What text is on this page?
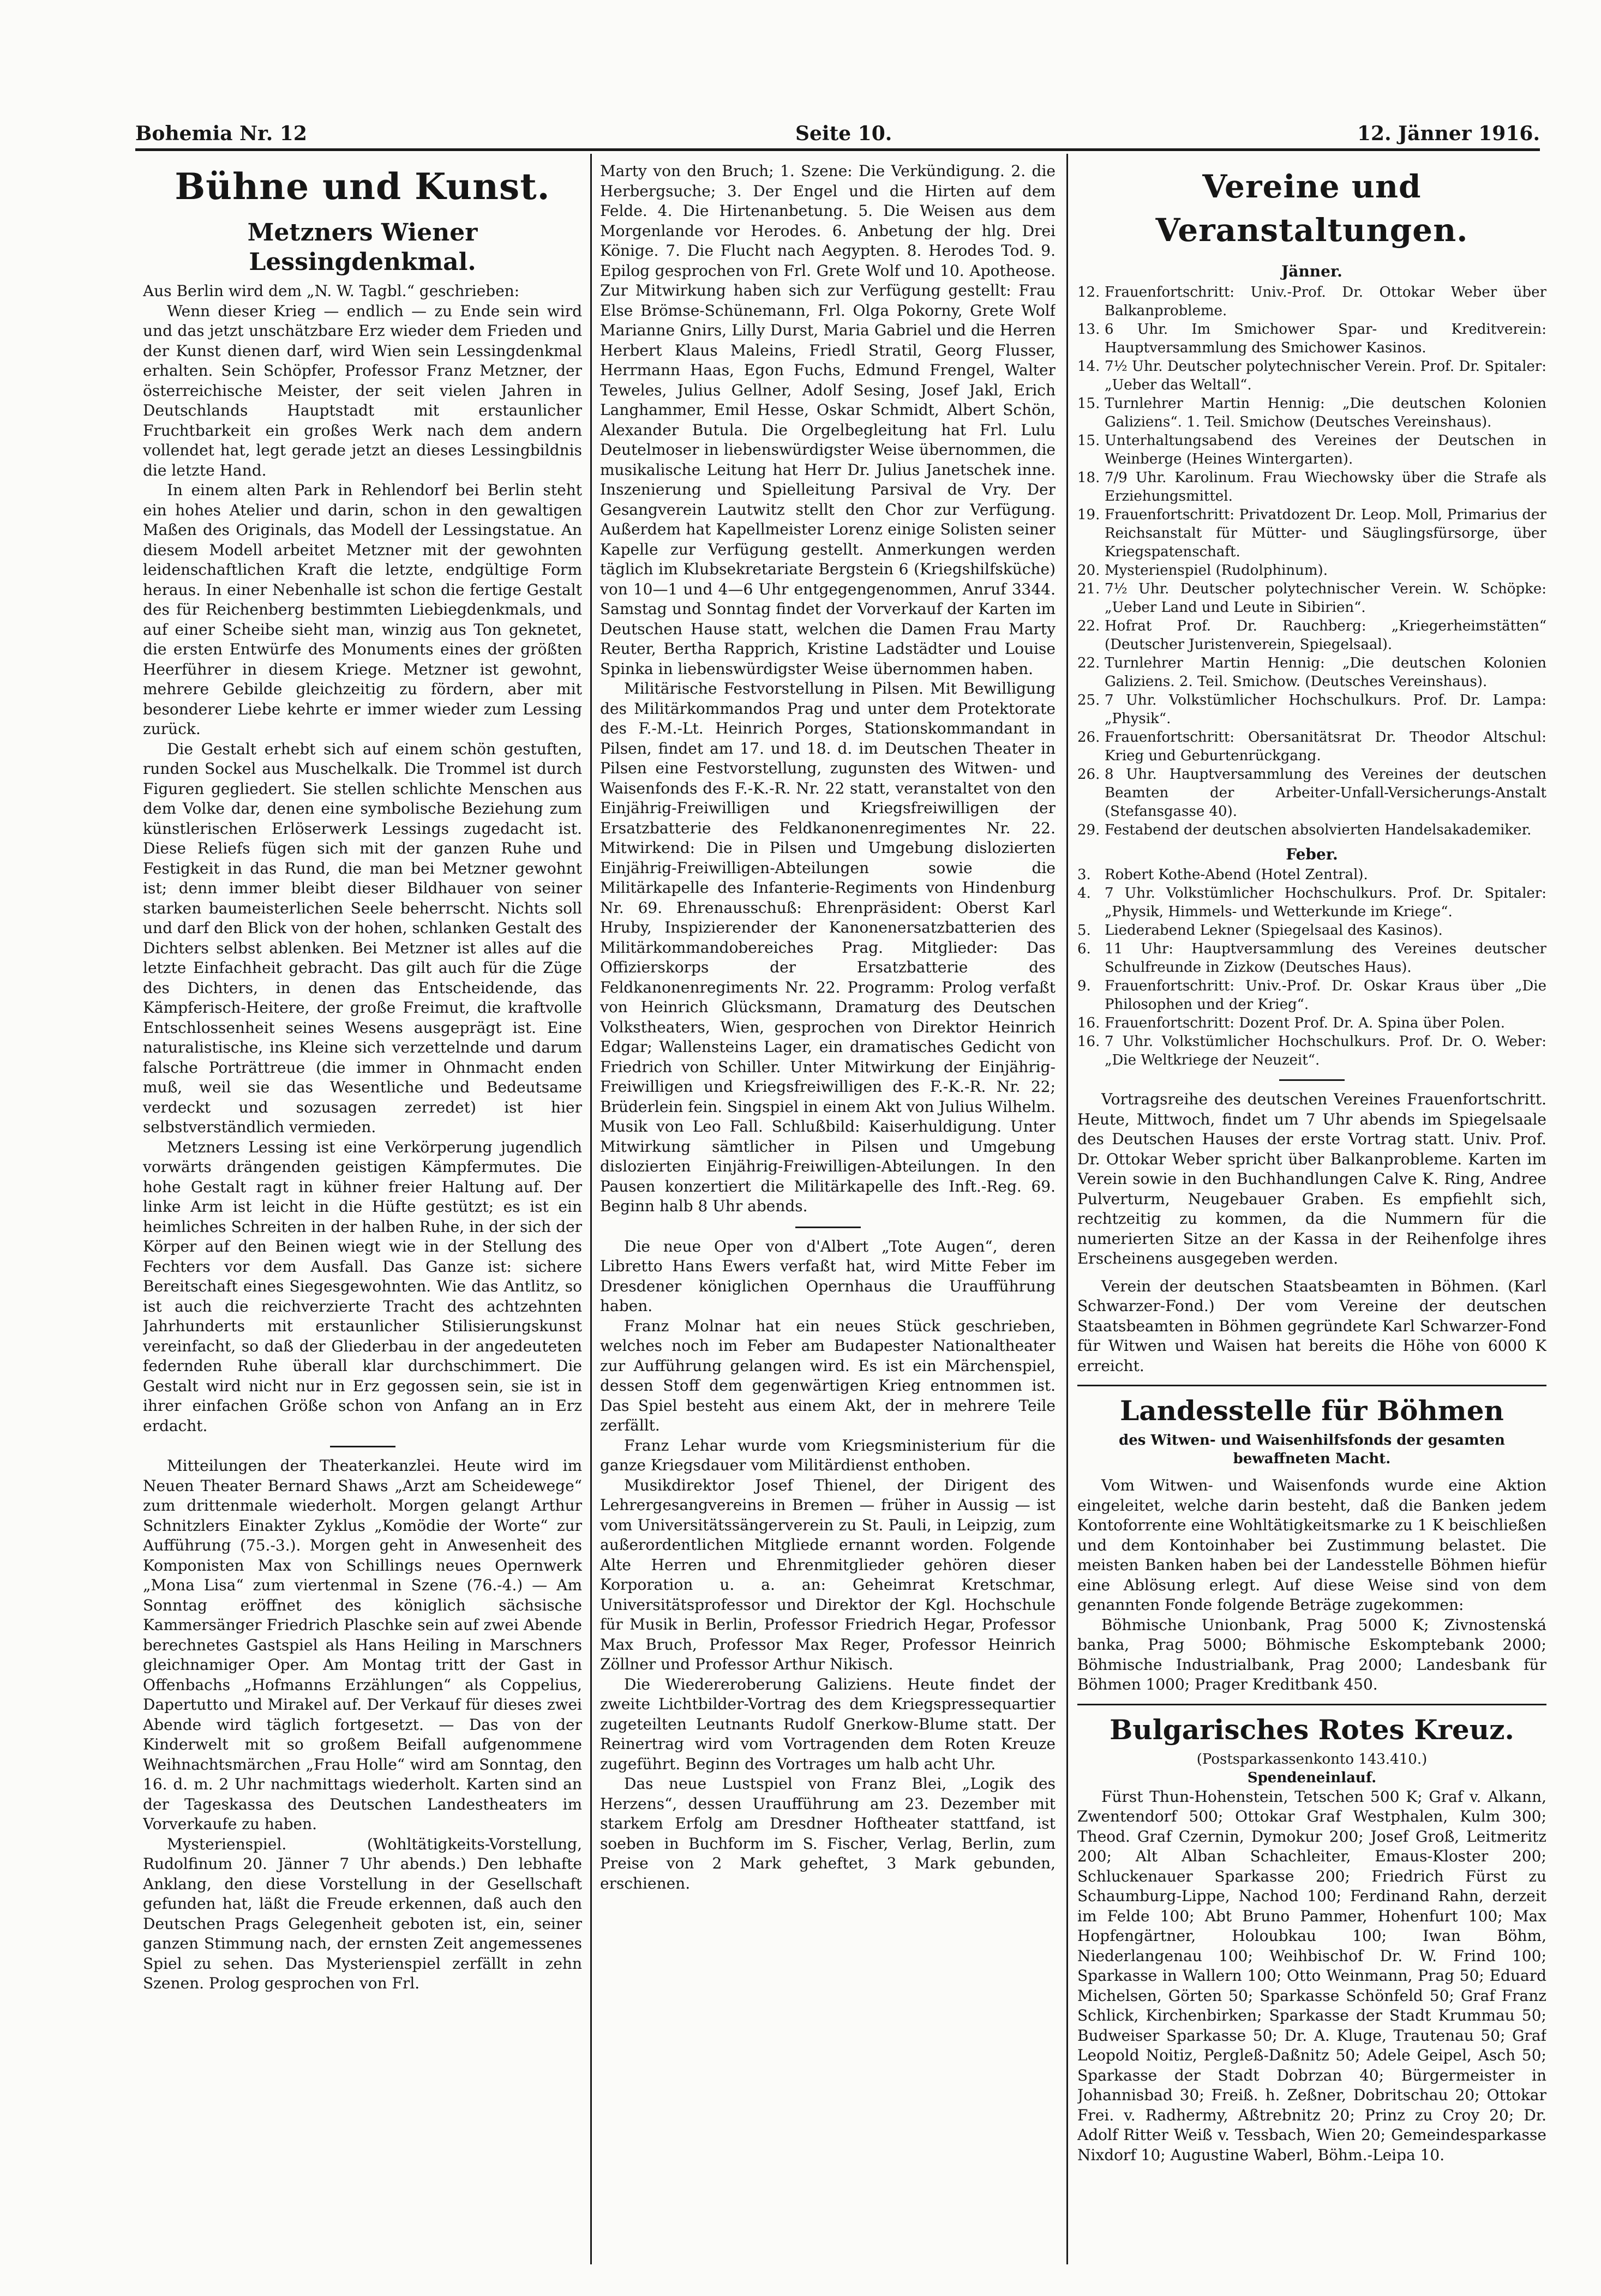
Bohemia Nr. 12	Seite 10.	12. Jänner 1916.
Bühne und Kunst.
Metzners Wiener Lessingdenkmal.

Aus Berlin wird dem „N. W. Tagbl.“ geschrieben:

Wenn dieser Krieg — endlich — zu Ende sein wird und das jetzt unschätzbare Erz wieder dem Frieden und der Kunst dienen darf, wird Wien sein Lessingdenkmal erhalten. Sein Schöpfer, Professor Franz Metzner, der österreichische Meister, der seit vielen Jahren in Deutschlands Hauptstadt mit erstaunlicher Fruchtbarkeit ein großes Werk nach dem andern vollendet hat, legt gerade jetzt an dieses Lessingbildnis die letzte Hand.

In einem alten Park in Rehlendorf bei Berlin steht ein hohes Atelier und darin, schon in den gewaltigen Maßen des Originals, das Modell der Lessingstatue. An diesem Modell arbeitet Metzner mit der gewohnten leidenschaftlichen Kraft die letzte, endgültige Form heraus. In einer Nebenhalle ist schon die fertige Gestalt des für Reichenberg bestimmten Liebiegdenkmals, und auf einer Scheibe sieht man, winzig aus Ton geknetet, die ersten Entwürfe des Monuments eines der größten Heerführer in diesem Kriege. Metzner ist gewohnt, mehrere Gebilde gleichzeitig zu fördern, aber mit besonderer Liebe kehrte er immer wieder zum Lessing zurück.

Die Gestalt erhebt sich auf einem schön gestuften, runden Sockel aus Muschelkalk. Die Trommel ist durch Figuren gegliedert. Sie stellen schlichte Menschen aus dem Volke dar, denen eine symbolische Beziehung zum künstlerischen Erlöserwerk Lessings zugedacht ist. Diese Reliefs fügen sich mit der ganzen Ruhe und Festigkeit in das Rund, die man bei Metzner gewohnt ist; denn immer bleibt dieser Bildhauer von seiner starken baumeisterlichen Seele beherrscht. Nichts soll und darf den Blick von der hohen, schlanken Gestalt des Dichters selbst ablenken. Bei Metzner ist alles auf die letzte Einfachheit gebracht. Das gilt auch für die Züge des Dichters, in denen das Entscheidende, das Kämpferisch-Heitere, der große Freimut, die kraftvolle Entschlossenheit seines Wesens ausgeprägt ist. Eine naturalistische, ins Kleine sich verzettelnde und darum falsche Porträttreue (die immer in Ohnmacht enden muß, weil sie das Wesentliche und Bedeutsame verdeckt und sozusagen zerredet) ist hier selbstverständlich vermieden.

Metzners Lessing ist eine Verkörperung jugendlich vorwärts drängenden geistigen Kämpfermutes. Die hohe Gestalt ragt in kühner freier Haltung auf. Der linke Arm ist leicht in die Hüfte gestützt; es ist ein heimliches Schreiten in der halben Ruhe, in der sich der Körper auf den Beinen wiegt wie in der Stellung des Fechters vor dem Ausfall. Das Ganze ist: sichere Bereitschaft eines Siegesgewohnten. Wie das Antlitz, so ist auch die reichverzierte Tracht des achtzehnten Jahrhunderts mit erstaunlicher Stilisierungskunst vereinfacht, so daß der Gliederbau in der angedeuteten federnden Ruhe überall klar durchschimmert. Die Gestalt wird nicht nur in Erz gegossen sein, sie ist in ihrer einfachen Größe schon von Anfang an in Erz erdacht.

Mitteilungen der Theaterkanzlei. Heute wird im Neuen Theater Bernard Shaws „Arzt am Scheidewege“ zum drittenmale wiederholt. Morgen gelangt Arthur Schnitzlers Einakter Zyklus „Komödie der Worte“ zur Aufführung (75.-3.). Morgen geht in Anwesenheit des Komponisten Max von Schillings neues Opernwerk „Mona Lisa“ zum viertenmal in Szene (76.-4.) — Am Sonntag eröffnet des königlich sächsische Kammersänger Friedrich Plaschke sein auf zwei Abende berechnetes Gastspiel als Hans Heiling in Marschners gleichnamiger Oper. Am Montag tritt der Gast in Offenbachs „Hofmanns Erzählungen“ als Coppelius, Dapertutto und Mirakel auf. Der Verkauf für dieses zwei Abende wird täglich fortgesetzt. — Das von der Kinderwelt mit so großem Beifall aufgenommene Weihnachtsmärchen „Frau Holle“ wird am Sonntag, den 16. d. m. 2 Uhr nachmittags wiederholt. Karten sind an der Tageskassa des Deutschen Landestheaters im Vorverkaufe zu haben.

Mysterienspiel. (Wohltätigkeits-Vorstellung, Rudolfinum 20. Jänner 7 Uhr abends.) Den lebhafte Anklang, den diese Vorstellung in der Gesellschaft gefunden hat, läßt die Freude erkennen, daß auch den Deutschen Prags Gelegenheit geboten ist, ein, seiner ganzen Stimmung nach, der ernsten Zeit angemessenes Spiel zu sehen. Das Mysterienspiel zerfällt in zehn Szenen. Prolog gesprochen von Frl.

Marty von den Bruch; 1. Szene: Die Verkündigung. 2. die Herbergsuche; 3. Der Engel und die Hirten auf dem Felde. 4. Die Hirtenanbetung. 5. Die Weisen aus dem Morgenlande vor Herodes. 6. Anbetung der hlg. Drei Könige. 7. Die Flucht nach Aegypten. 8. Herodes Tod. 9. Epilog gesprochen von Frl. Grete Wolf und 10. Apotheose. Zur Mitwirkung haben sich zur Verfügung gestellt: Frau Else Brömse-Schünemann, Frl. Olga Pokorny, Grete Wolf Marianne Gnirs, Lilly Durst, Maria Gabriel und die Herren Herbert Klaus Maleins, Friedl Stratil, Georg Flusser, Herrmann Haas, Egon Fuchs, Edmund Frengel, Walter Teweles, Julius Gellner, Adolf Sesing, Josef Jakl, Erich Langhammer, Emil Hesse, Oskar Schmidt, Albert Schön, Alexander Butula. Die Orgelbegleitung hat Frl. Lulu Deutelmoser in liebenswürdigster Weise übernommen, die musikalische Leitung hat Herr Dr. Julius Janetschek inne. Inszenierung und Spielleitung Parsival de Vry. Der Gesangverein Lautwitz stellt den Chor zur Verfügung. Außerdem hat Kapellmeister Lorenz einige Solisten seiner Kapelle zur Verfügung gestellt. Anmerkungen werden täglich im Klubsekretariate Bergstein 6 (Kriegshilfsküche) von 10—1 und 4—6 Uhr entgegengenommen, Anruf 3344. Samstag und Sonntag findet der Vorverkauf der Karten im Deutschen Hause statt, welchen die Damen Frau Marty Reuter, Bertha Rapprich, Kristine Ladstädter und Louise Spinka in liebenswürdigster Weise übernommen haben.

Militärische Festvorstellung in Pilsen. Mit Bewilligung des Militärkommandos Prag und unter dem Protektorate des F.-M.-Lt. Heinrich Porges, Stationskommandant in Pilsen, findet am 17. und 18. d. im Deutschen Theater in Pilsen eine Festvorstellung, zugunsten des Witwen- und Waisenfonds des F.-K.-R. Nr. 22 statt, veranstaltet von den Einjährig-Freiwilligen und Kriegsfreiwilligen der Ersatzbatterie des Feldkanonenregimentes Nr. 22. Mitwirkend: Die in Pilsen und Umgebung dislozierten Einjährig-Freiwilligen-Abteilungen sowie die Militärkapelle des Infanterie-Regiments von Hindenburg Nr. 69. Ehrenausschuß: Ehrenpräsident: Oberst Karl Hruby, Inspizierender der Kanonenersatzbatterien des Militärkommandobereiches Prag. Mitglieder: Das Offizierskorps der Ersatzbatterie des Feldkanonenregiments Nr. 22. Programm: Prolog verfaßt von Heinrich Glücksmann, Dramaturg des Deutschen Volkstheaters, Wien, gesprochen von Direktor Heinrich Edgar; Wallensteins Lager, ein dramatisches Gedicht von Friedrich von Schiller. Unter Mitwirkung der Einjährig-Freiwilligen und Kriegsfreiwilligen des F.-K.-R. Nr. 22; Brüderlein fein. Singspiel in einem Akt von Julius Wilhelm. Musik von Leo Fall. Schlußbild: Kaiserhuldigung. Unter Mitwirkung sämtlicher in Pilsen und Umgebung dislozierten Einjährig-Freiwilligen-Abteilungen. In den Pausen konzertiert die Militärkapelle des Inft.-Reg. 69. Beginn halb 8 Uhr abends.

Die neue Oper von d'Albert „Tote Augen“, deren Libretto Hans Ewers verfaßt hat, wird Mitte Feber im Dresdener königlichen Opernhaus die Uraufführung haben.

Franz Molnar hat ein neues Stück geschrieben, welches noch im Feber am Budapester Nationaltheater zur Aufführung gelangen wird. Es ist ein Märchenspiel, dessen Stoff dem gegenwärtigen Krieg entnommen ist. Das Spiel besteht aus einem Akt, der in mehrere Teile zerfällt.

Franz Lehar wurde vom Kriegsministerium für die ganze Kriegsdauer vom Militärdienst enthoben.

Musikdirektor Josef Thienel, der Dirigent des Lehrergesangvereins in Bremen — früher in Aussig — ist vom Universitätssängerverein zu St. Pauli, in Leipzig, zum außerordentlichen Mitgliede ernannt worden. Folgende Alte Herren und Ehrenmitglieder gehören dieser Korporation u. a. an: Geheimrat Kretschmar, Universitätsprofessor und Direktor der Kgl. Hochschule für Musik in Berlin, Professor Friedrich Hegar, Professor Max Bruch, Professor Max Reger, Professor Heinrich Zöllner und Professor Arthur Nikisch.

Die Wiedereroberung Galiziens. Heute findet der zweite Lichtbilder-Vortrag des dem Kriegspressequartier zugeteilten Leutnants Rudolf Gnerkow-Blume statt. Der Reinertrag wird vom Vortragenden dem Roten Kreuze zugeführt. Beginn des Vortrages um halb acht Uhr.

Das neue Lustspiel von Franz Blei, „Logik des Herzens“, dessen Uraufführung am 23. Dezember mit starkem Erfolg am Dresdner Hoftheater stattfand, ist soeben in Buchform im S. Fischer, Verlag, Berlin, zum Preise von 2 Mark geheftet, 3 Mark gebunden, erschienen.

Vereine und Veranstaltungen.
Jänner.
12. Frauenfortschritt: Univ.-Prof. Dr. Ottokar Weber über Balkanprobleme.
13. 6 Uhr. Im Smichower Spar- und Kreditverein: Hauptversammlung des Smichower Kasinos.
14. 7½ Uhr. Deutscher polytechnischer Verein. Prof. Dr. Spitaler: „Ueber das Weltall“.
15. Turnlehrer Martin Hennig: „Die deutschen Kolonien Galiziens“. 1. Teil. Smichow (Deutsches Vereinshaus).
15. Unterhaltungsabend des Vereines der Deutschen in Weinberge (Heines Wintergarten).
18. 7/9 Uhr. Karolinum. Frau Wiechowsky über die Strafe als Erziehungsmittel.
19. Frauenfortschritt: Privatdozent Dr. Leop. Moll, Primarius der Reichsanstalt für Mütter- und Säuglingsfürsorge, über Kriegspatenschaft.
20. Mysterienspiel (Rudolphinum).
21. 7½ Uhr. Deutscher polytechnischer Verein. W. Schöpke: „Ueber Land und Leute in Sibirien“.
22. Hofrat Prof. Dr. Rauchberg: „Kriegerheimstätten“ (Deutscher Juristenverein, Spiegelsaal).
22. Turnlehrer Martin Hennig: „Die deutschen Kolonien Galiziens. 2. Teil. Smichow. (Deutsches Vereinshaus).
25. 7 Uhr. Volkstümlicher Hochschulkurs. Prof. Dr. Lampa: „Physik“.
26. Frauenfortschritt: Obersanitätsrat Dr. Theodor Altschul: Krieg und Geburtenrückgang.
26. 8 Uhr. Hauptversammlung des Vereines der deutschen Beamten der Arbeiter-Unfall-Versicherungs-Anstalt (Stefansgasse 40).
29. Festabend der deutschen absolvierten Handelsakademiker.
Feber.
3. Robert Kothe-Abend (Hotel Zentral).
4. 7 Uhr. Volkstümlicher Hochschulkurs. Prof. Dr. Spitaler: „Physik, Himmels- und Wetterkunde im Kriege“.
5. Liederabend Lekner (Spiegelsaal des Kasinos).
6. 11 Uhr: Hauptversammlung des Vereines deutscher Schulfreunde in Zizkow (Deutsches Haus).
9. Frauenfortschritt: Univ.-Prof. Dr. Oskar Kraus über „Die Philosophen und der Krieg“.
16. Frauenfortschritt: Dozent Prof. Dr. A. Spina über Polen.
16. 7 Uhr. Volkstümlicher Hochschulkurs. Prof. Dr. O. Weber: „Die Weltkriege der Neuzeit“.

Vortragsreihe des deutschen Vereines Frauenfortschritt. Heute, Mittwoch, findet um 7 Uhr abends im Spiegelsaale des Deutschen Hauses der erste Vortrag statt. Univ. Prof. Dr. Ottokar Weber spricht über Balkanprobleme. Karten im Verein sowie in den Buchhandlungen Calve K. Ring, Andree Pulverturm, Neugebauer Graben. Es empfiehlt sich, rechtzeitig zu kommen, da die Nummern für die numerierten Sitze an der Kassa in der Reihenfolge ihres Erscheinens ausgegeben werden.

Verein der deutschen Staatsbeamten in Böhmen. (Karl Schwarzer-Fond.) Der vom Vereine der deutschen Staatsbeamten in Böhmen gegründete Karl Schwarzer-Fond für Witwen und Waisen hat bereits die Höhe von 6000 K erreicht.

Landesstelle für Böhmen
des Witwen- und Waisenhilfsfonds der gesamten bewaffneten Macht.

Vom Witwen- und Waisenfonds wurde eine Aktion eingeleitet, welche darin besteht, daß die Banken jedem Kontoforrente eine Wohltätigkeitsmarke zu 1 K beischließen und dem Kontoinhaber bei Zustimmung belastet. Die meisten Banken haben bei der Landesstelle Böhmen hiefür eine Ablösung erlegt. Auf diese Weise sind von dem genannten Fonde folgende Beträge zugekommen:

Böhmische Unionbank, Prag 5000 K; Zivnostenská banka, Prag 5000; Böhmische Eskomptebank 2000; Böhmische Industrialbank, Prag 2000; Landesbank für Böhmen 1000; Prager Kreditbank 450.

Bulgarisches Rotes Kreuz.
(Postsparkassenkonto 143.410.)
Spendeneinlauf.

Fürst Thun-Hohenstein, Tetschen 500 K; Graf v. Alkann, Zwentendorf 500; Ottokar Graf Westphalen, Kulm 300; Theod. Graf Czernin, Dymokur 200; Josef Groß, Leitmeritz 200; Alt Alban Schachleiter, Emaus-Kloster 200; Schluckenauer Sparkasse 200; Friedrich Fürst zu Schaumburg-Lippe, Nachod 100; Ferdinand Rahn, derzeit im Felde 100; Abt Bruno Pammer, Hohenfurt 100; Max Hopfengärtner, Holoubkau 100; Iwan Böhm, Niederlangenau 100; Weihbischof Dr. W. Frind 100; Sparkasse in Wallern 100; Otto Weinmann, Prag 50; Eduard Michelsen, Görten 50; Sparkasse Schönfeld 50; Graf Franz Schlick, Kirchenbirken; Sparkasse der Stadt Krummau 50; Budweiser Sparkasse 50; Dr. A. Kluge, Trautenau 50; Graf Leopold Noitiz, Pergleß-Daßnitz 50; Adele Geipel, Asch 50; Sparkasse der Stadt Dobrzan 40; Bürgermeister in Johannisbad 30; Freiß. h. Zeßner, Dobritschau 20; Ottokar Frei. v. Radhermy, Aßtrebnitz 20; Prinz zu Croy 20; Dr. Adolf Ritter Weiß v. Tessbach, Wien 20; Gemeindesparkasse Nixdorf 10; Augustine Waberl, Böhm.-Leipa 10.
